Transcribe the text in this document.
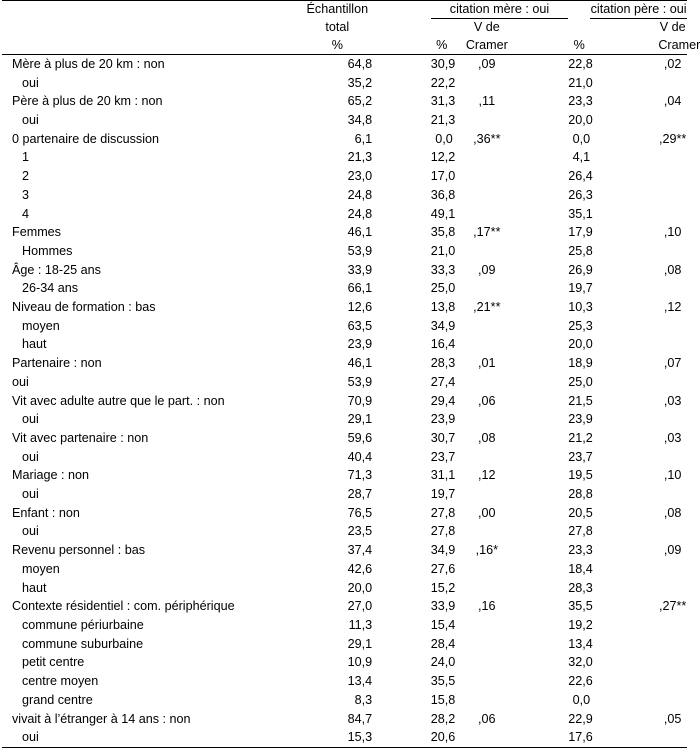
	Échantillon		citation mère : oui				citation père : oui	
	total			V de				V de
	%		%	Cramer		%		Cramer
Mère à plus de 20 km : non	64,8		30,9	,09		22,8		,02
oui	35,2		22,2			21,0		
Père à plus de 20 km : non	65,2		31,3	,11		23,3		,04
oui	34,8		21,3			20,0		
0 partenaire de discussion	6,1		0,0	,36**		0,0		,29**
1	21,3		12,2			4,1		
2	23,0		17,0			26,4		
3	24,8		36,8			26,3		
4	24,8		49,1			35,1		
Femmes	46,1		35,8	,17**		17,9		,10
Hommes	53,9		21,0			25,8		
Âge : 18-25 ans	33,9		33,3	,09		26,9		,08
26-34 ans	66,1		25,0			19,7		
Niveau de formation : bas	12,6		13,8	,21**		10,3		,12
moyen	63,5		34,9			25,3		
haut	23,9		16,4			20,0		
Partenaire : non	46,1		28,3	,01		18,9		,07
oui	53,9		27,4			25,0		
Vit avec adulte autre que le part. : non	70,9		29,4	,06		21,5		,03
oui	29,1		23,9			23,9		
Vit avec partenaire : non	59,6		30,7	,08		21,2		,03
oui	40,4		23,7			23,7		
Mariage : non	71,3		31,1	,12		19,5		,10
oui	28,7		19,7			28,8		
Enfant : non	76,5		27,8	,00		20,5		,08
oui	23,5		27,8			27,8		
Revenu personnel : bas	37,4		34,9	,16*		23,3		,09
moyen	42,6		27,6			18,4		
haut	20,0		15,2			28,3		
Contexte résidentiel : com. périphérique	27,0		33,9	,16		35,5		,27**
commune périurbaine	11,3		15,4			19,2		
commune suburbaine	29,1		28,4			13,4		
petit centre	10,9		24,0			32,0		
centre moyen	13,4		35,5			22,6		
grand centre	8,3		15,8			0,0		
vivait à l’étranger à 14 ans : non	84,7		28,2	,06		22,9		,05
oui	15,3		20,6			17,6		
